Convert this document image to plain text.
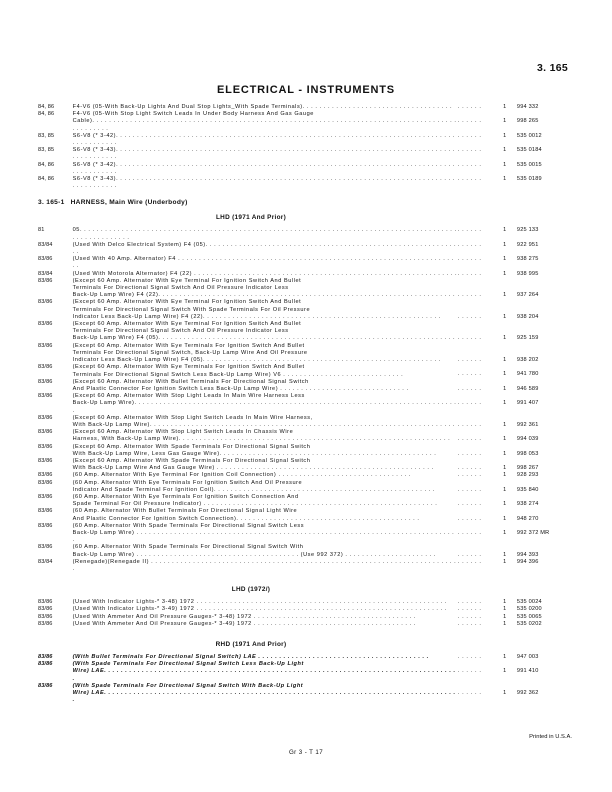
3. 165
ELECTRICAL - INSTRUMENTS
84, 86	F4-V6 (05-With Back-Up Lights And Dual Stop Lights_With Spade Terminals). . . . . . . . . . . . . . . . . . . . . . . . . . . . . . . . . . . .	. . . . . .	1	994 332
84, 86	F4-V6 (05-With Stop Light Switch Leads In Under Body Harness And Gas Gauge
Cable). . . . . . . . . . . . . . . . . . . . . . . . . . . . . . . . . . . . . . . . . . . . . . . . . . . . . . . . . . . . . . . . . . . . . . . . . . . . . . . . . . . . . . . . . . . . . . . .	. . . . . .	1	998 265
83, 85	S6-V8 (* 3-42). . . . . . . . . . . . . . . . . . . . . . . . . . . . . . . . . . . . . . . . . . . . . . . . . . . . . . . . . . . . . . . . . . . . . . . . . . . . . . . . . . . . . . . . . . . .	. . . . . .	1	535 0012
83, 85	S6-V8 (* 3-43). . . . . . . . . . . . . . . . . . . . . . . . . . . . . . . . . . . . . . . . . . . . . . . . . . . . . . . . . . . . . . . . . . . . . . . . . . . . . . . . . . . . . . . . . . . .	. . . . . .	1	535 0184
84, 86	S6-V8 (* 3-42). . . . . . . . . . . . . . . . . . . . . . . . . . . . . . . . . . . . . . . . . . . . . . . . . . . . . . . . . . . . . . . . . . . . . . . . . . . . . . . . . . . . . . . . . . . .	. . . . . .	1	535 0015
84, 86	S6-V8 (* 3-43). . . . . . . . . . . . . . . . . . . . . . . . . . . . . . . . . . . . . . . . . . . . . . . . . . . . . . . . . . . . . . . . . . . . . . . . . . . . . . . . . . . . . . . . . . . .	. . . . . .	1	535 0189
3. 165-1 HARNESS, Main Wire (Underbody)
LHD (1971 And Prior)
81	05. . . . . . . . . . . . . . . . . . . . . . . . . . . . . . . . . . . . . . . . . . . . . . . . . . . . . . . . . . . . . . . . . . . . . . . . . . . . . . . . . . . . . . . . . . . . . . . . . . . . . . . .	. . . . . .	1	925 133
83/84	(Used With Delco Electrical System) F4 (05). . . . . . . . . . . . . . . . . . . . . . . . . . . . . . . . . . . . . . . . . . . . . . . . . . . . . . . . . . . . . .	. . . . . .	1	922 951
83/86	(Used With 40 Amp. Alternator) F4 . . . . . . . . . . . . . . . . . . . . . . . . . . . . . . . . . . . . . . . . . . . . . . . . . . . . . . . . . . . . . . . . . . . .	. . . . . .	1	938 275
83/84	(Used With Motorola Alternator) F4 (22) . . . . . . . . . . . . . . . . . . . . . . . . . . . . . . . . . . . . . . . . . . . . . . . . . . . . . . . . . . . . . . .	. . . . . .	1	938 995
83/86	(Except 60 Amp. Alternator With Eye Terminal For Ignition Switch And Bullet
Terminals For Directional Signal Switch And Oil Pressure Indicator Less
Back-Up Lamp Wire) F4 (22). . . . . . . . . . . . . . . . . . . . . . . . . . . . . . . . . . . . . . . . . . . . . . . . . . . . . . . . . . . . . . . . . . . . . . .	. . . . . .	1	937 264
83/86	(Except 60 Amp. Alternator With Eye Terminal For Ignition Switch And Bullet
Terminals For Directional Signal Switch With Spade Terminals For Oil Pressure
Indicator Less Back-Up Lamp Wire) F4 (22). . . . . . . . . . . . . . . . . . . . . . . . . . . . . . . . . . . . . . . . . . . . . . . . . . . . . . . . .	. . . . . .	1	938 204
83/86	(Except 60 Amp. Alternator With Eye Terminal For Ignition Switch And Bullet
Terminals For Directional Signal Switch And Oil Pressure Indicator Less
Back-Up Lamp Wire) F4 (05). . . . . . . . . . . . . . . . . . . . . . . . . . . . . . . . . . . . . . . . . . . . . . . . . . . . . . . . . . . . . . . . . . . . . . .	. . . . . .	1	925 159
83/86	(Except 60 Amp. Alternator With Eye Terminals For Ignition Switch And Bullet
Terminals For Directional Signal Switch, Back-Up Lamp Wire And Oil Pressure
Indicator Less Back-Up Lamp Wire) F4 (05). . . . . . . . . . . . . . . . . . . . . . . . . . . . . . . . . . . . . . . . . . . . . . . . . . . . . . . . .	. . . . . .	1	938 202
83/86	(Except 60 Amp. Alternator With Eye Terminals For Ignition Switch And Bullet
Terminals For Directional Signal Switch Less Back-Up Lamp Wire) V6 . . . . . . . . . . . . . . . . . . . . . . . . . . . . .	. . . . . .	1	941 780
83/86	(Except 60 Amp. Alternator With Bullet Terminals For Directional Signal Switch
And Plastic Connector For Ignition Switch Less Back-Up Lamp Wire) . . . . . . . . . . . . . . . . . . . . . . . . . . . . . . .	. . . . . .	1	946 589
83/86	(Except 60 Amp. Alternator With Stop Light Leads In Main Wire Harness Less
Back-Up Lamp Wire). . . . . . . . . . . . . . . . . . . . . . . . . . . . . . . . . . . . . . . . . . . . . . . . . . . . . . . . . . . . . . . . . . . . . . . . . . . . . .	. . . . . .	1	991 407
83/86	(Except 60 Amp. Alternator With Stop Light Switch Leads In Main Wire Harness,
With Back-Up Lamp Wire). . . . . . . . . . . . . . . . . . . . . . . . . . . . . . . . . . . . . . . . . . . . . . . . . . . . . . . . . . . . . . . . . . . . . . . . .	. . . . . .	1	992 361
83/86	(Except 60 Amp. Alternator With Stop Light Switch Leads In Chassis Wire
Harness, With Back-Up Lamp Wire). . . . . . . . . . . . . . . . . . . . . . . . . . . . . . . . . . . . . . . . . . . . . . . . . . . . . . . . . . . . . . . . .	. . . . . .	1	994 039
83/86	(Except 60 Amp. Alternator With Spade Terminals For Directional Signal Switch
With Back-Up Lamp Wire, Less Gas Gauge Wire). . . . . . . . . . . . . . . . . . . . . . . . . . . . . . . . . . . . . . . . . . . . . . . . . . . .	. . . . . .	1	998 053
83/86	(Except 60 Amp. Alternator With Spade Terminals For Directional Signal Switch
With Back-Up Lamp Wire And Gas Gauge Wire) . . . . . . . . . . . . . . . . . . . . . . . . . . . . . . . . . . . . . . . . . . . . . . . . . . . .	. . . . . .	1	998 267
83/86	(60 Amp. Alternator With Eye Terminal For Ignition Coil Connection) . . . . . . . . . . . . . . . . . . . . . . . . . . . . . . . .	. . . . . .	1	928 293
83/86	(60 Amp. Alternator With Eye Terminals For Ignition Switch And Oil Pressure
Indicator And Spade Terminal For Ignition Coil). . . . . . . . . . . . . . . . . . . . . . . . . . . . . . . . . . . . . . . . . . . . . . . . . . . . .	. . . . . .	1	935 840
83/86	(60 Amp. Alternator With Eye Terminals For Ignition Switch Connection And
Spade Terminal For Oil Pressure Indicator) . . . . . . . . . . . . . . . . . . . . . . . . . . . . . . . . . . . . . . . . . . . . . . . . . . . . . . . .	. . . . . .	1	938 274
83/86	(60 Amp. Alternator With Bullet Terminals For Directional Signal Light Wire
And Plastic Connector For Ignition Switch Connection). . . . . . . . . . . . . . . . . . . . . . . . . . . . . . . . . . . . . . . . . . . .	. . . . . .	1	948 270
83/86	(60 Amp. Alternator With Spade Terminals For Directional Signal Switch Less
Back-Up Lamp Wire) . . . . . . . . . . . . . . . . . . . . . . . . . . . . . . . . . . . . . . . . . . . . . . . . . . . . . . . . . . . . . . . . . . . . . . . . . . . . .	. . . . . .	1	992 372 MR
83/86	(60 Amp. Alternator With Spade Terminals For Directional Signal Switch With
Back-Up Lamp Wire) . . . . . . . . . . . . . . . . . . . . . . . . . . . . . . . . . . . . . . . (Use 992 372) . . . . . . . . . . . . . . . . . . . . . .	. . . . . .	1	994 393
83/84	(Renegade)(Renegade II) . . . . . . . . . . . . . . . . . . . . . . . . . . . . . . . . . . . . . . . . . . . . . . . . . . . . . . . . . . . . . . . . . . . . . . . . . .	. . . . . .	1	994 396
LHD (1972/)
83/86	(Used With Indicator Lights-* 3-48) 1972 . . . . . . . . . . . . . . . . . . . . . . . . . . . . . . . . . . . . . . . . . . . . . . . . . . . . . . . . . . . .	. . . . . .	1	535 0024
83/86	(Used With Indicator Lights-* 3-49) 1972 . . . . . . . . . . . . . . . . . . . . . . . . . . . . . . . . . . . . . . . . . . . . . . . . . . . . . . . . . . . .	. . . . . .	1	535 0200
83/86	(Used With Ammeter And Oil Pressure Gauges-* 3-48) 1972 . . . . . . . . . . . . . . . . . . . . . . . . . . . . . . . . . . . . . . .	. . . . . .	1	535 0065
83/86	(Used With Ammeter And Oil Pressure Gauges-* 3-49) 1972 . . . . . . . . . . . . . . . . . . . . . . . . . . . . . . . . . . . . . . .	. . . . . .	1	535 0202
RHD (1971 And Prior)
83/86	(With Bullet Terminals For Directional Signal Switch) LAE . . . . . . . . . . . . . . . . . . . . . . . . . . . . . . . . . . . . . . . . .	. . . . . .	1	947 003
83/86	(With Spade Terminals For Directional Signal Switch Less Back-Up Light
Wire) LAE. . . . . . . . . . . . . . . . . . . . . . . . . . . . . . . . . . . . . . . . . . . . . . . . . . . . . . . . . . . . . . . . . . . . . . . . . . . . . . . . . . . . .	. . . . . .	1	991 410
83/86	(With Spade Terminals For Directional Signal Switch With Back-Up Light
Wire) LAE. . . . . . . . . . . . . . . . . . . . . . . . . . . . . . . . . . . . . . . . . . . . . . . . . . . . . . . . . . . . . . . . . . . . . . . . . . . . . . . . . . . . .	. . . . . .	1	992 362
Printed in U.S.A.
Gr 3 - T 17
